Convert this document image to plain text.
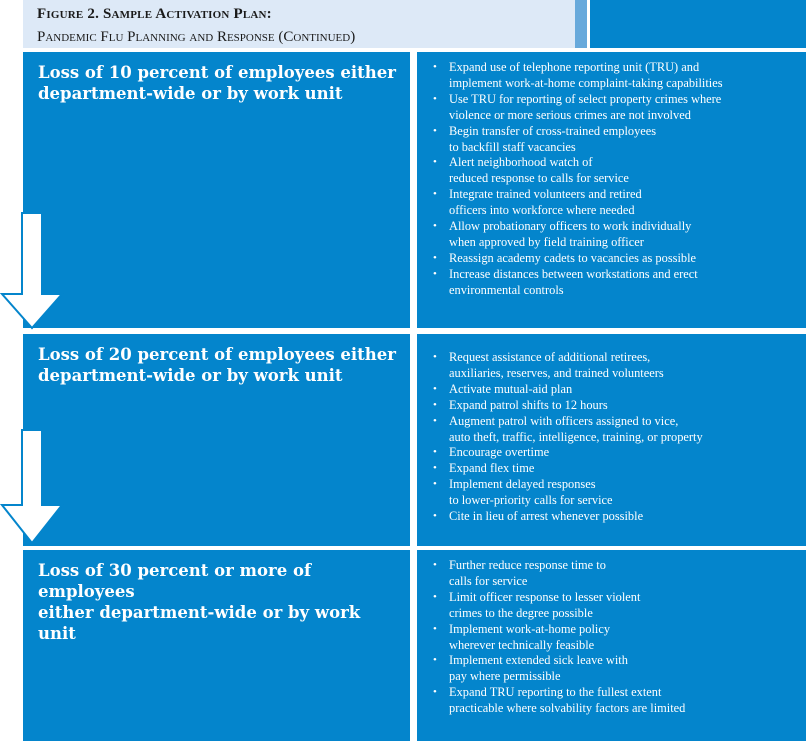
Figure 2. Sample Activation Plan:
Pandemic Flu Planning and Response (Continued)
Loss of 10 percent of employees either
department-wide or by work unit
• Expand use of telephone reporting unit (TRU) and
implement work-at-home complaint-taking capabilities
• Use TRU for reporting of select property crimes where
violence or more serious crimes are not involved
• Begin transfer of cross-trained employees
to backfill staff vacancies
• Alert neighborhood watch of
reduced response to calls for service
• Integrate trained volunteers and retired
officers into workforce where needed
• Allow probationary officers to work individually
when approved by field training officer
• Reassign academy cadets to vacancies as possible
• Increase distances between workstations and erect
environmental controls
Loss of 20 percent of employees either
department-wide or by work unit
• Request assistance of additional retirees,
auxiliaries, reserves, and trained volunteers
• Activate mutual-aid plan
• Expand patrol shifts to 12 hours
• Augment patrol with officers assigned to vice,
auto theft, traffic, intelligence, training, or property
• Encourage overtime
• Expand flex time
• Implement delayed responses
to lower-priority calls for service
• Cite in lieu of arrest whenever possible
Loss of 30 percent or more of employees
either department-wide or by work unit
• Further reduce response time to
calls for service
• Limit officer response to lesser violent
crimes to the degree possible
• Implement work-at-home policy
wherever technically feasible
• Implement extended sick leave with
pay where permissible
• Expand TRU reporting to the fullest extent
practicable where solvability factors are limited
